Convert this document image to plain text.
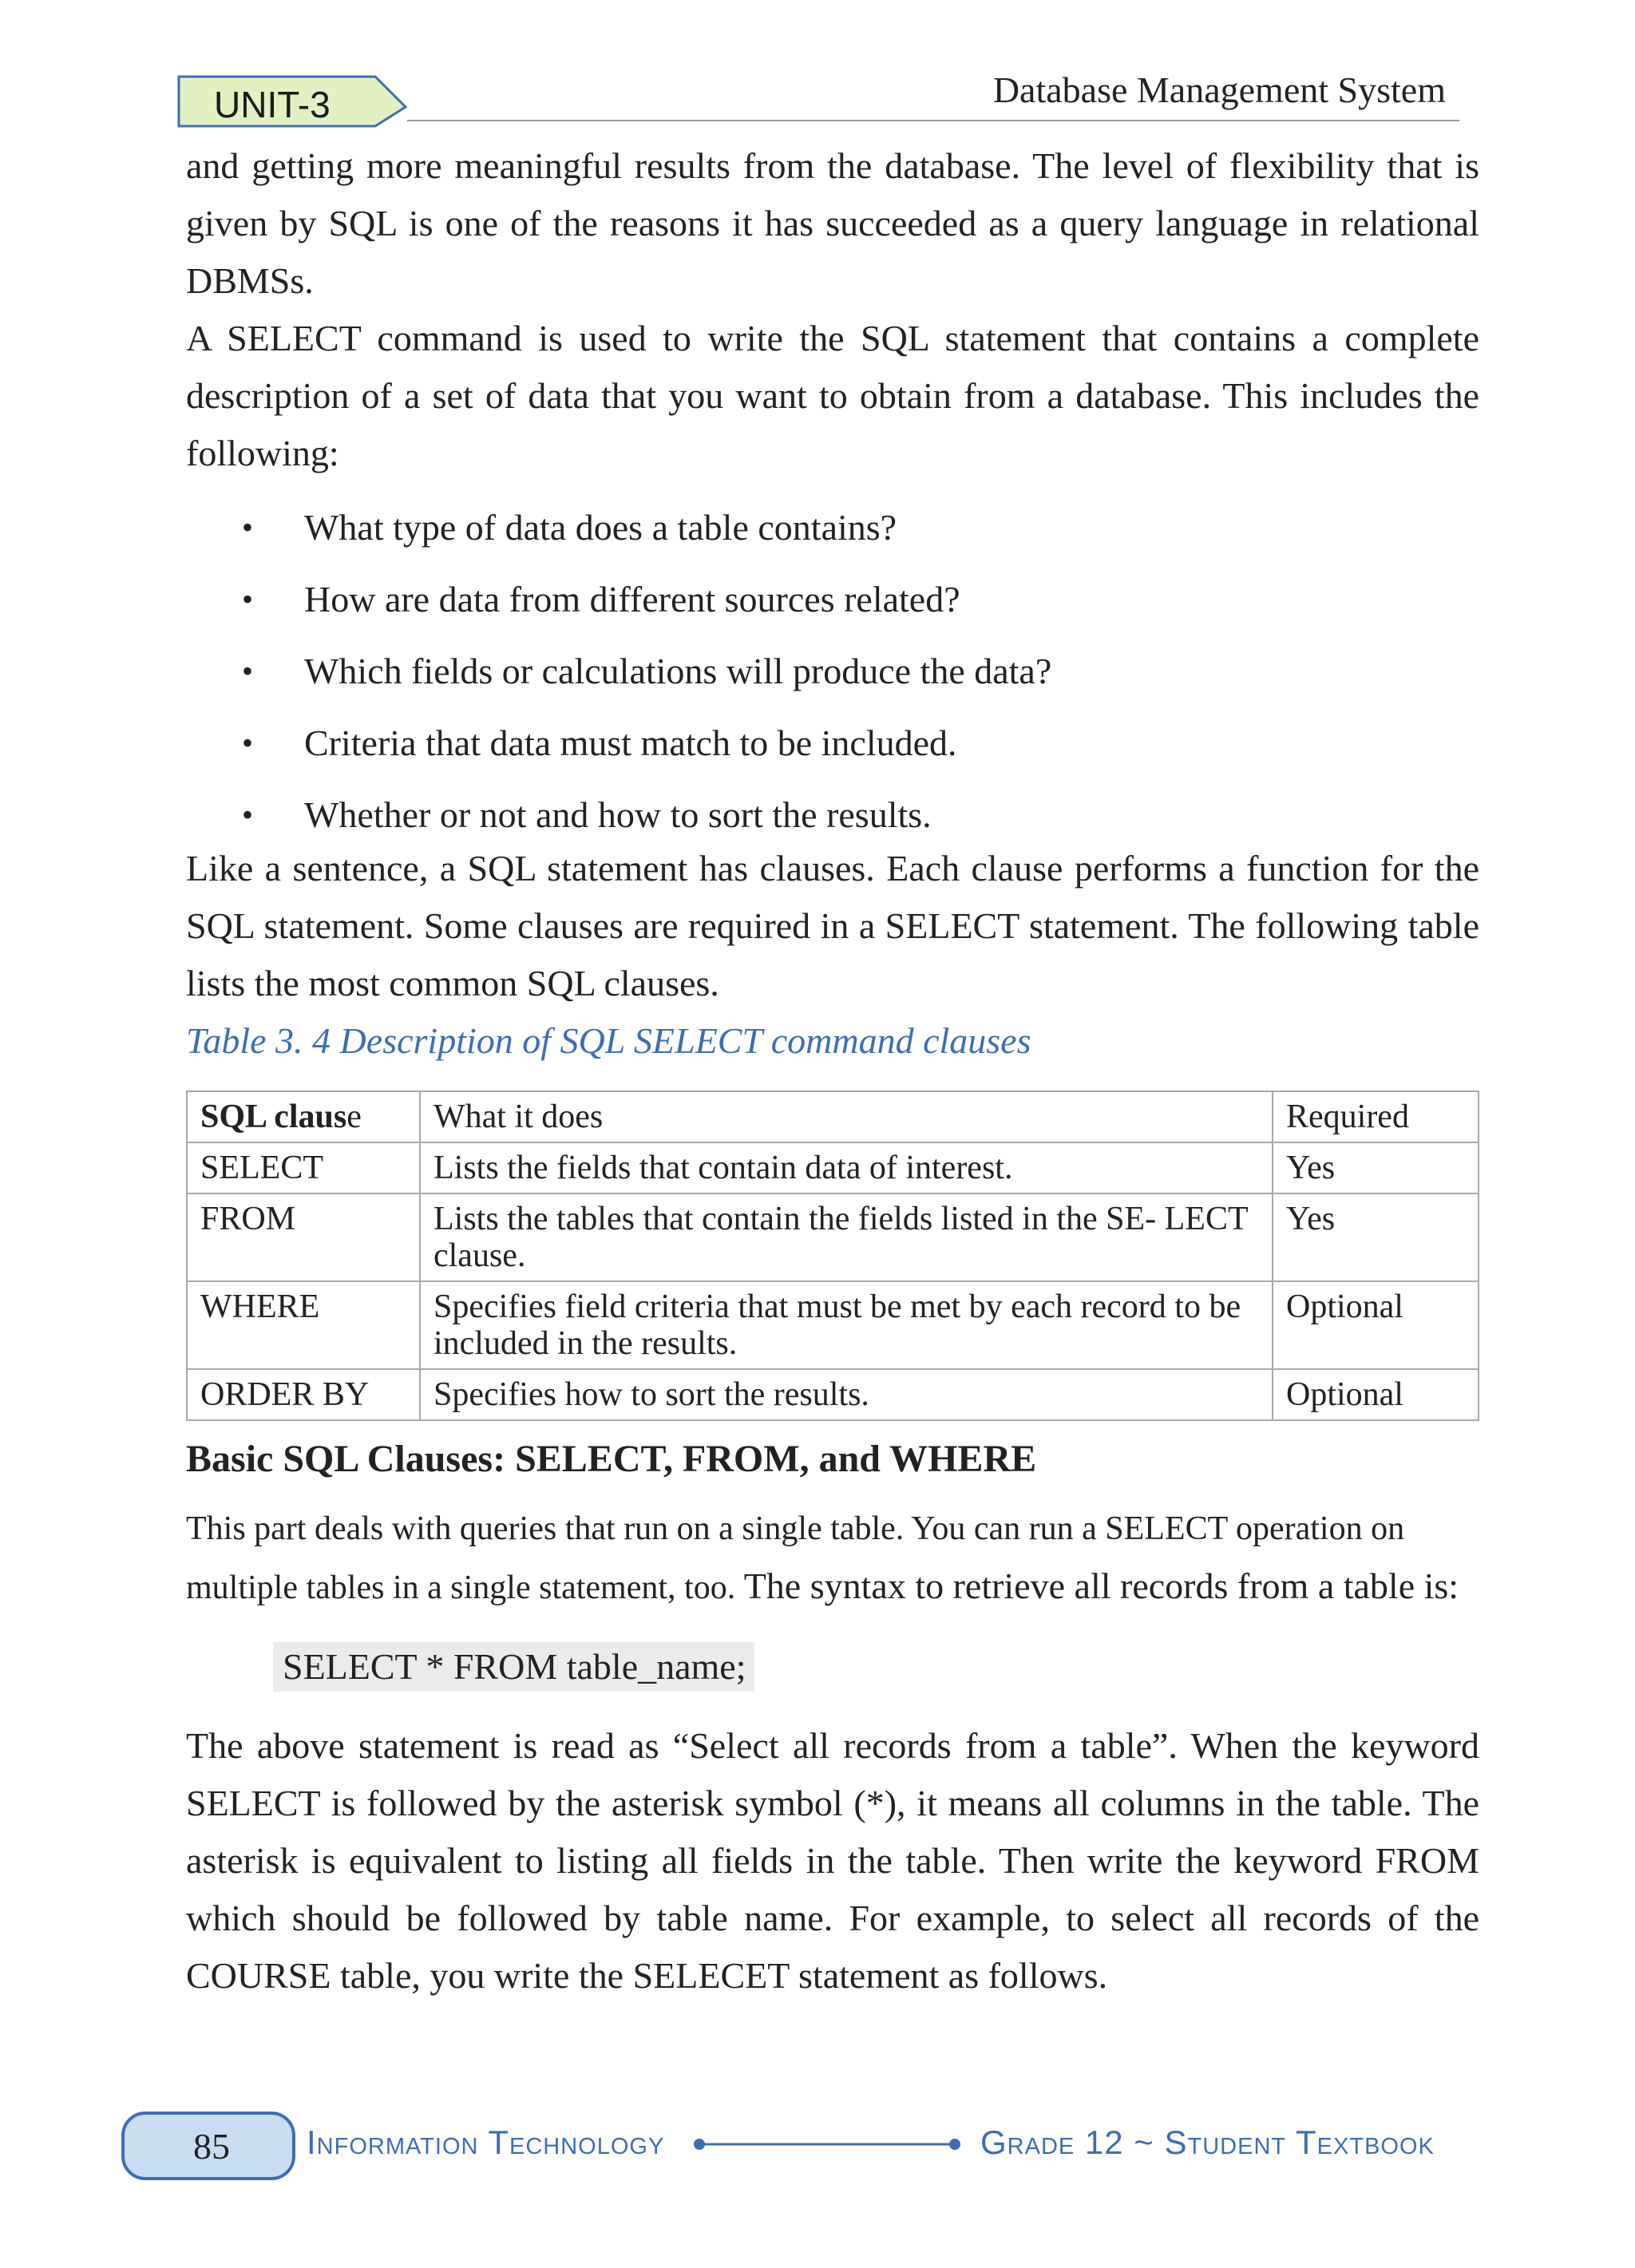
UNIT-3	Database Management System

and getting more meaningful results from the database. The level of flexibility that is given by SQL is one of the reasons it has succeeded as a query language in relational DBMSs.

A SELECT command is used to write the SQL statement that contains a complete description of a set of data that you want to obtain from a database. This includes the following:

• What type of data does a table contains?
• How are data from different sources related?
• Which fields or calculations will produce the data?
• Criteria that data must match to be included.
• Whether or not and how to sort the results.

Like a sentence, a SQL statement has clauses. Each clause performs a function for the SQL statement. Some clauses are required in a SELECT statement. The following table lists the most common SQL clauses.

Table 3. 4 Description of SQL SELECT command clauses

SQL clause	What it does	Required
SELECT	Lists the fields that contain data of interest.	Yes
FROM	Lists the tables that contain the fields listed in the SE- LECT clause.	Yes
WHERE	Specifies field criteria that must be met by each record to be included in the results.	Optional
ORDER BY	Specifies how to sort the results.	Optional

Basic SQL Clauses: SELECT, FROM, and WHERE

This part deals with queries that run on a single table. You can run a SELECT operation on multiple tables in a single statement, too. The syntax to retrieve all records from a table is:

SELECT * FROM table_name;

The above statement is read as “Select all records from a table”. When the keyword SELECT is followed by the asterisk symbol (*), it means all columns in the table. The asterisk is equivalent to listing all fields in the table. Then write the keyword FROM which should be followed by table name. For example, to select all records of the COURSE table, you write the SELECET statement as follows.

85	Information Technology	Grade 12 ~ Student Textbook
